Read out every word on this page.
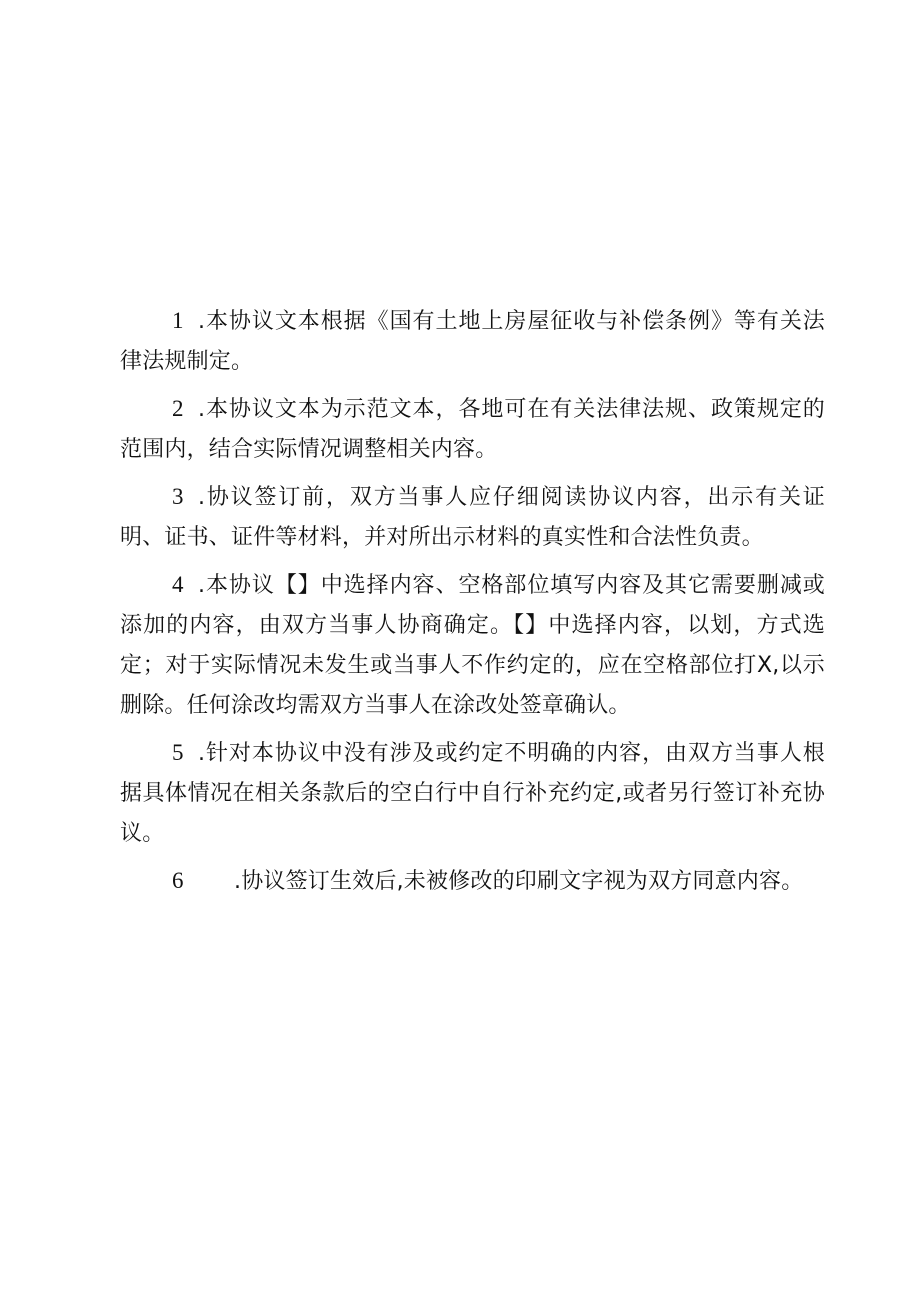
1 .本协议文本根据《国有土地上房屋征收与补偿条例》等有关法律法规制定。

2 .本协议文本为示范文本，各地可在有关法律法规、政策规定的范围内，结合实际情况调整相关内容。

3 .协议签订前，双方当事人应仔细阅读协议内容，出示有关证明、证书、证件等材料，并对所出示材料的真实性和合法性负责。

4 .本协议【】中选择内容、空格部位填写内容及其它需要删减或添加的内容，由双方当事人协商确定。【】中选择内容，以划，方式选定；对于实际情况未发生或当事人不作约定的，应在空格部位打X,以示删除。任何涂改均需双方当事人在涂改处签章确认。

5 .针对本协议中没有涉及或约定不明确的内容，由双方当事人根据具体情况在相关条款后的空白行中自行补充约定,或者另行签订补充协议。

6 .协议签订生效后,未被修改的印刷文字视为双方同意内容。
